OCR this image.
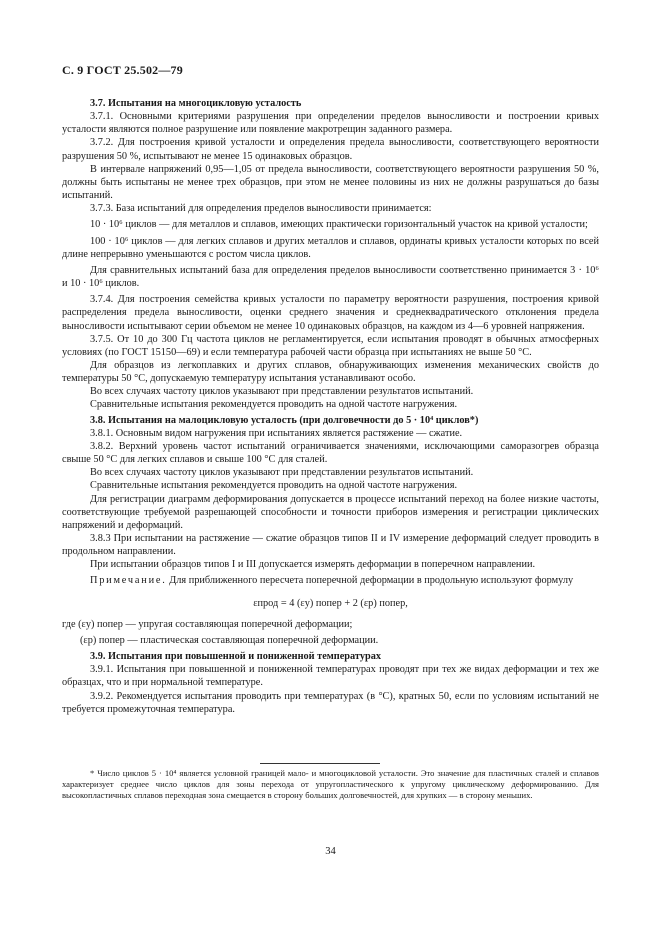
С. 9 ГОСТ 25.502—79

3.7. Испытания на многоцикловую усталость

3.7.1. Основными критериями разрушения при определении пределов выносливости и построении кривых усталости являются полное разрушение или появление макротрещин заданного размера.

3.7.2. Для построения кривой усталости и определения предела выносливости, соответствующего вероятности разрушения 50 %, испытывают не менее 15 одинаковых образцов.

В интервале напряжений 0,95—1,05 от предела выносливости, соответствующего вероятности разрушения 50 %, должны быть испытаны не менее трех образцов, при этом не менее половины из них не должны разрушаться до базы испытаний.

3.7.3. База испытаний для определения пределов выносливости принимается:

10 · 10⁶ циклов — для металлов и сплавов, имеющих практически горизонтальный участок на кривой усталости;

100 · 10⁶ циклов — для легких сплавов и других металлов и сплавов, ординаты кривых усталости которых по всей длине непрерывно уменьшаются с ростом числа циклов.

Для сравнительных испытаний база для определения пределов выносливости соответственно принимается 3 · 10⁶ и 10 · 10⁶ циклов.

3.7.4. Для построения семейства кривых усталости по параметру вероятности разрушения, построения кривой распределения предела выносливости, оценки среднего значения и среднеквадратического отклонения предела выносливости испытывают серии объемом не менее 10 одинаковых образцов, на каждом из 4—6 уровней напряжения.

3.7.5. От 10 до 300 Гц частота циклов не регламентируется, если испытания проводят в обычных атмосферных условиях (по ГОСТ 15150—69) и если температура рабочей части образца при испытаниях не выше 50 °С.

Для образцов из легкоплавких и других сплавов, обнаруживающих изменения механических свойств до температуры 50 °С, допускаемую температуру испытания устанавливают особо.

Во всех случаях частоту циклов указывают при представлении результатов испытаний.

Сравнительные испытания рекомендуется проводить на одной частоте нагружения.

3.8. Испытания на малоцикловую усталость (при долговечности до 5 · 10⁴ циклов*)

3.8.1. Основным видом нагружения при испытаниях является растяжение — сжатие.

3.8.2. Верхний уровень частот испытаний ограничивается значениями, исключающими саморазогрев образца свыше 50 °С для легких сплавов и свыше 100 °С для сталей.

Во всех случаях частоту циклов указывают при представлении результатов испытаний.

Сравнительные испытания рекомендуется проводить на одной частоте нагружения.

Для регистрации диаграмм деформирования допускается в процессе испытаний переход на более низкие частоты, соответствующие требуемой разрешающей способности и точности приборов измерения и регистрации циклических напряжений и деформаций.

3.8.3 При испытании на растяжение — сжатие образцов типов II и IV измерение деформаций следует проводить в продольном направлении.

При испытании образцов типов I и III допускается измерять деформации в поперечном направлении.

Примечание. Для приближенного пересчета поперечной деформации в продольную используют формулу

εпрод = 4 (εу) попер + 2 (εр) попер,

где (εу) попер — упругая составляющая поперечной деформации;

(εр) попер — пластическая составляющая поперечной деформации.

3.9. Испытания при повышенной и пониженной температурах

3.9.1. Испытания при повышенной и пониженной температурах проводят при тех же видах деформации и тех же образцах, что и при нормальной температуре.

3.9.2. Рекомендуется испытания проводить при температурах (в °С), кратных 50, если по условиям испытаний не требуется промежуточная температура.

* Число циклов 5 · 10⁴ является условной границей мало- и многоцикловой усталости. Это значение для пластичных сталей и сплавов характеризует среднее число циклов для зоны перехода от упругопластического к упругому циклическому деформированию. Для высокопластичных сплавов переходная зона смещается в сторону больших долговечностей, для хрупких — в сторону меньших.

34
